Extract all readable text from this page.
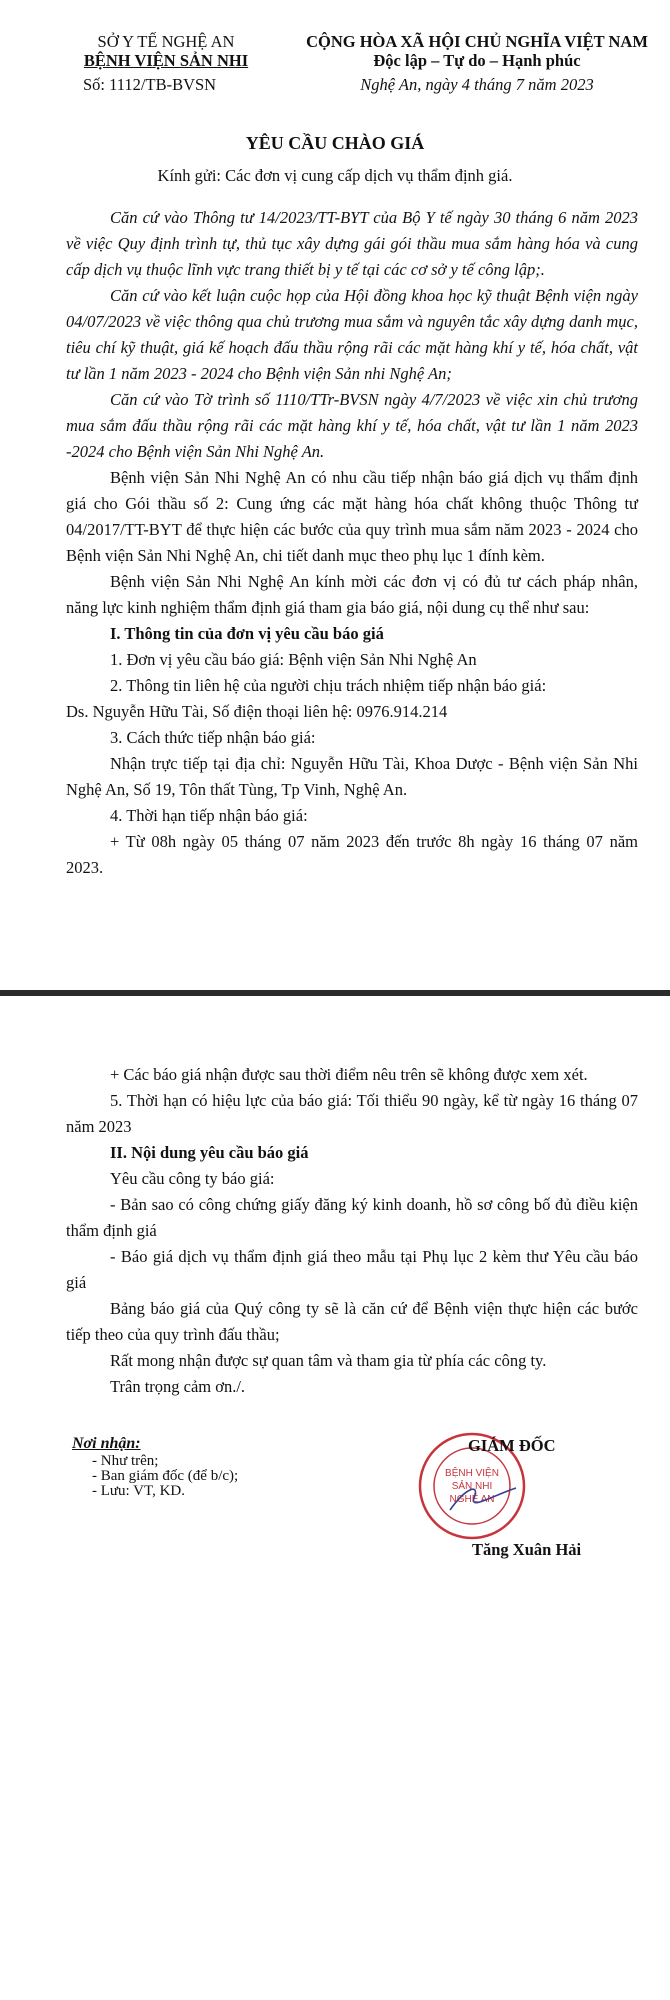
SỞ Y TẾ NGHỆ AN
BỆNH VIỆN SẢN NHI
Số: 1112/TB-BVSN
CỘNG HÒA XÃ HỘI CHỦ NGHĨA VIỆT NAM
Độc lập – Tự do – Hạnh phúc
Nghệ An, ngày 4 tháng 7 năm 2023
YÊU CẦU CHÀO GIÁ
Kính gửi: Các đơn vị cung cấp dịch vụ thẩm định giá.

Căn cứ vào Thông tư 14/2023/TT-BYT của Bộ Y tế ngày 30 tháng 6 năm 2023 về việc Quy định trình tự, thủ tục xây dựng gái gói thầu mua sắm hàng hóa và cung cấp dịch vụ thuộc lĩnh vực trang thiết bị y tế tại các cơ sở y tế công lập;.

Căn cứ vào kết luận cuộc họp của Hội đồng khoa học kỹ thuật Bệnh viện ngày 04/07/2023 về việc thông qua chủ trương mua sắm và nguyên tắc xây dựng danh mục, tiêu chí kỹ thuật, giá kế hoạch đấu thầu rộng rãi các mặt hàng khí y tế, hóa chất, vật tư lần 1 năm 2023 - 2024 cho Bệnh viện Sản nhi Nghệ An;

Căn cứ vào Tờ trình số 1110/TTr-BVSN ngày 4/7/2023 về việc xin chủ trương mua sắm đấu thầu rộng rãi các mặt hàng khí y tế, hóa chất, vật tư lần 1 năm 2023 -2024 cho Bệnh viện Sản Nhi Nghệ An.

Bệnh viện Sản Nhi Nghệ An có nhu cầu tiếp nhận báo giá dịch vụ thẩm định giá cho Gói thầu số 2: Cung ứng các mặt hàng hóa chất không thuộc Thông tư 04/2017/TT-BYT để thực hiện các bước của quy trình mua sắm năm 2023 - 2024 cho Bệnh viện Sản Nhi Nghệ An, chi tiết danh mục theo phụ lục 1 đính kèm.

Bệnh viện Sản Nhi Nghệ An kính mời các đơn vị có đủ tư cách pháp nhân, năng lực kinh nghiệm thẩm định giá tham gia báo giá, nội dung cụ thể như sau:

I. Thông tin của đơn vị yêu cầu báo giá

1. Đơn vị yêu cầu báo giá: Bệnh viện Sản Nhi Nghệ An

2. Thông tin liên hệ của người chịu trách nhiệm tiếp nhận báo giá:

Ds. Nguyễn Hữu Tài, Số điện thoại liên hệ: 0976.914.214

3. Cách thức tiếp nhận báo giá:

Nhận trực tiếp tại địa chỉ: Nguyễn Hữu Tài, Khoa Dược - Bệnh viện Sản Nhi Nghệ An, Số 19, Tôn thất Tùng, Tp Vinh, Nghệ An.

4. Thời hạn tiếp nhận báo giá:

+ Từ 08h ngày 05 tháng 07 năm 2023 đến trước 8h ngày 16 tháng 07 năm 2023.

+ Các báo giá nhận được sau thời điểm nêu trên sẽ không được xem xét.

5. Thời hạn có hiệu lực của báo giá: Tối thiểu 90 ngày, kể từ ngày 16 tháng 07 năm 2023

II. Nội dung yêu cầu báo giá

Yêu cầu công ty báo giá:

- Bản sao có công chứng giấy đăng ký kinh doanh, hồ sơ công bố đủ điều kiện thẩm định giá

- Báo giá dịch vụ thẩm định giá theo mẫu tại Phụ lục 2 kèm thư Yêu cầu báo giá

Bảng báo giá của Quý công ty sẽ là căn cứ để Bệnh viện thực hiện các bước tiếp theo của quy trình đấu thầu;

Rất mong nhận được sự quan tâm và tham gia từ phía các công ty.

Trân trọng cảm ơn./.

Nơi nhận:
- Như trên;
- Ban giám đốc (để b/c);
- Lưu: VT, KD.
BỆNH VIỆN
SẢN NHI
NGHỆ AN
GIÁM ĐỐC
Tăng Xuân Hải
